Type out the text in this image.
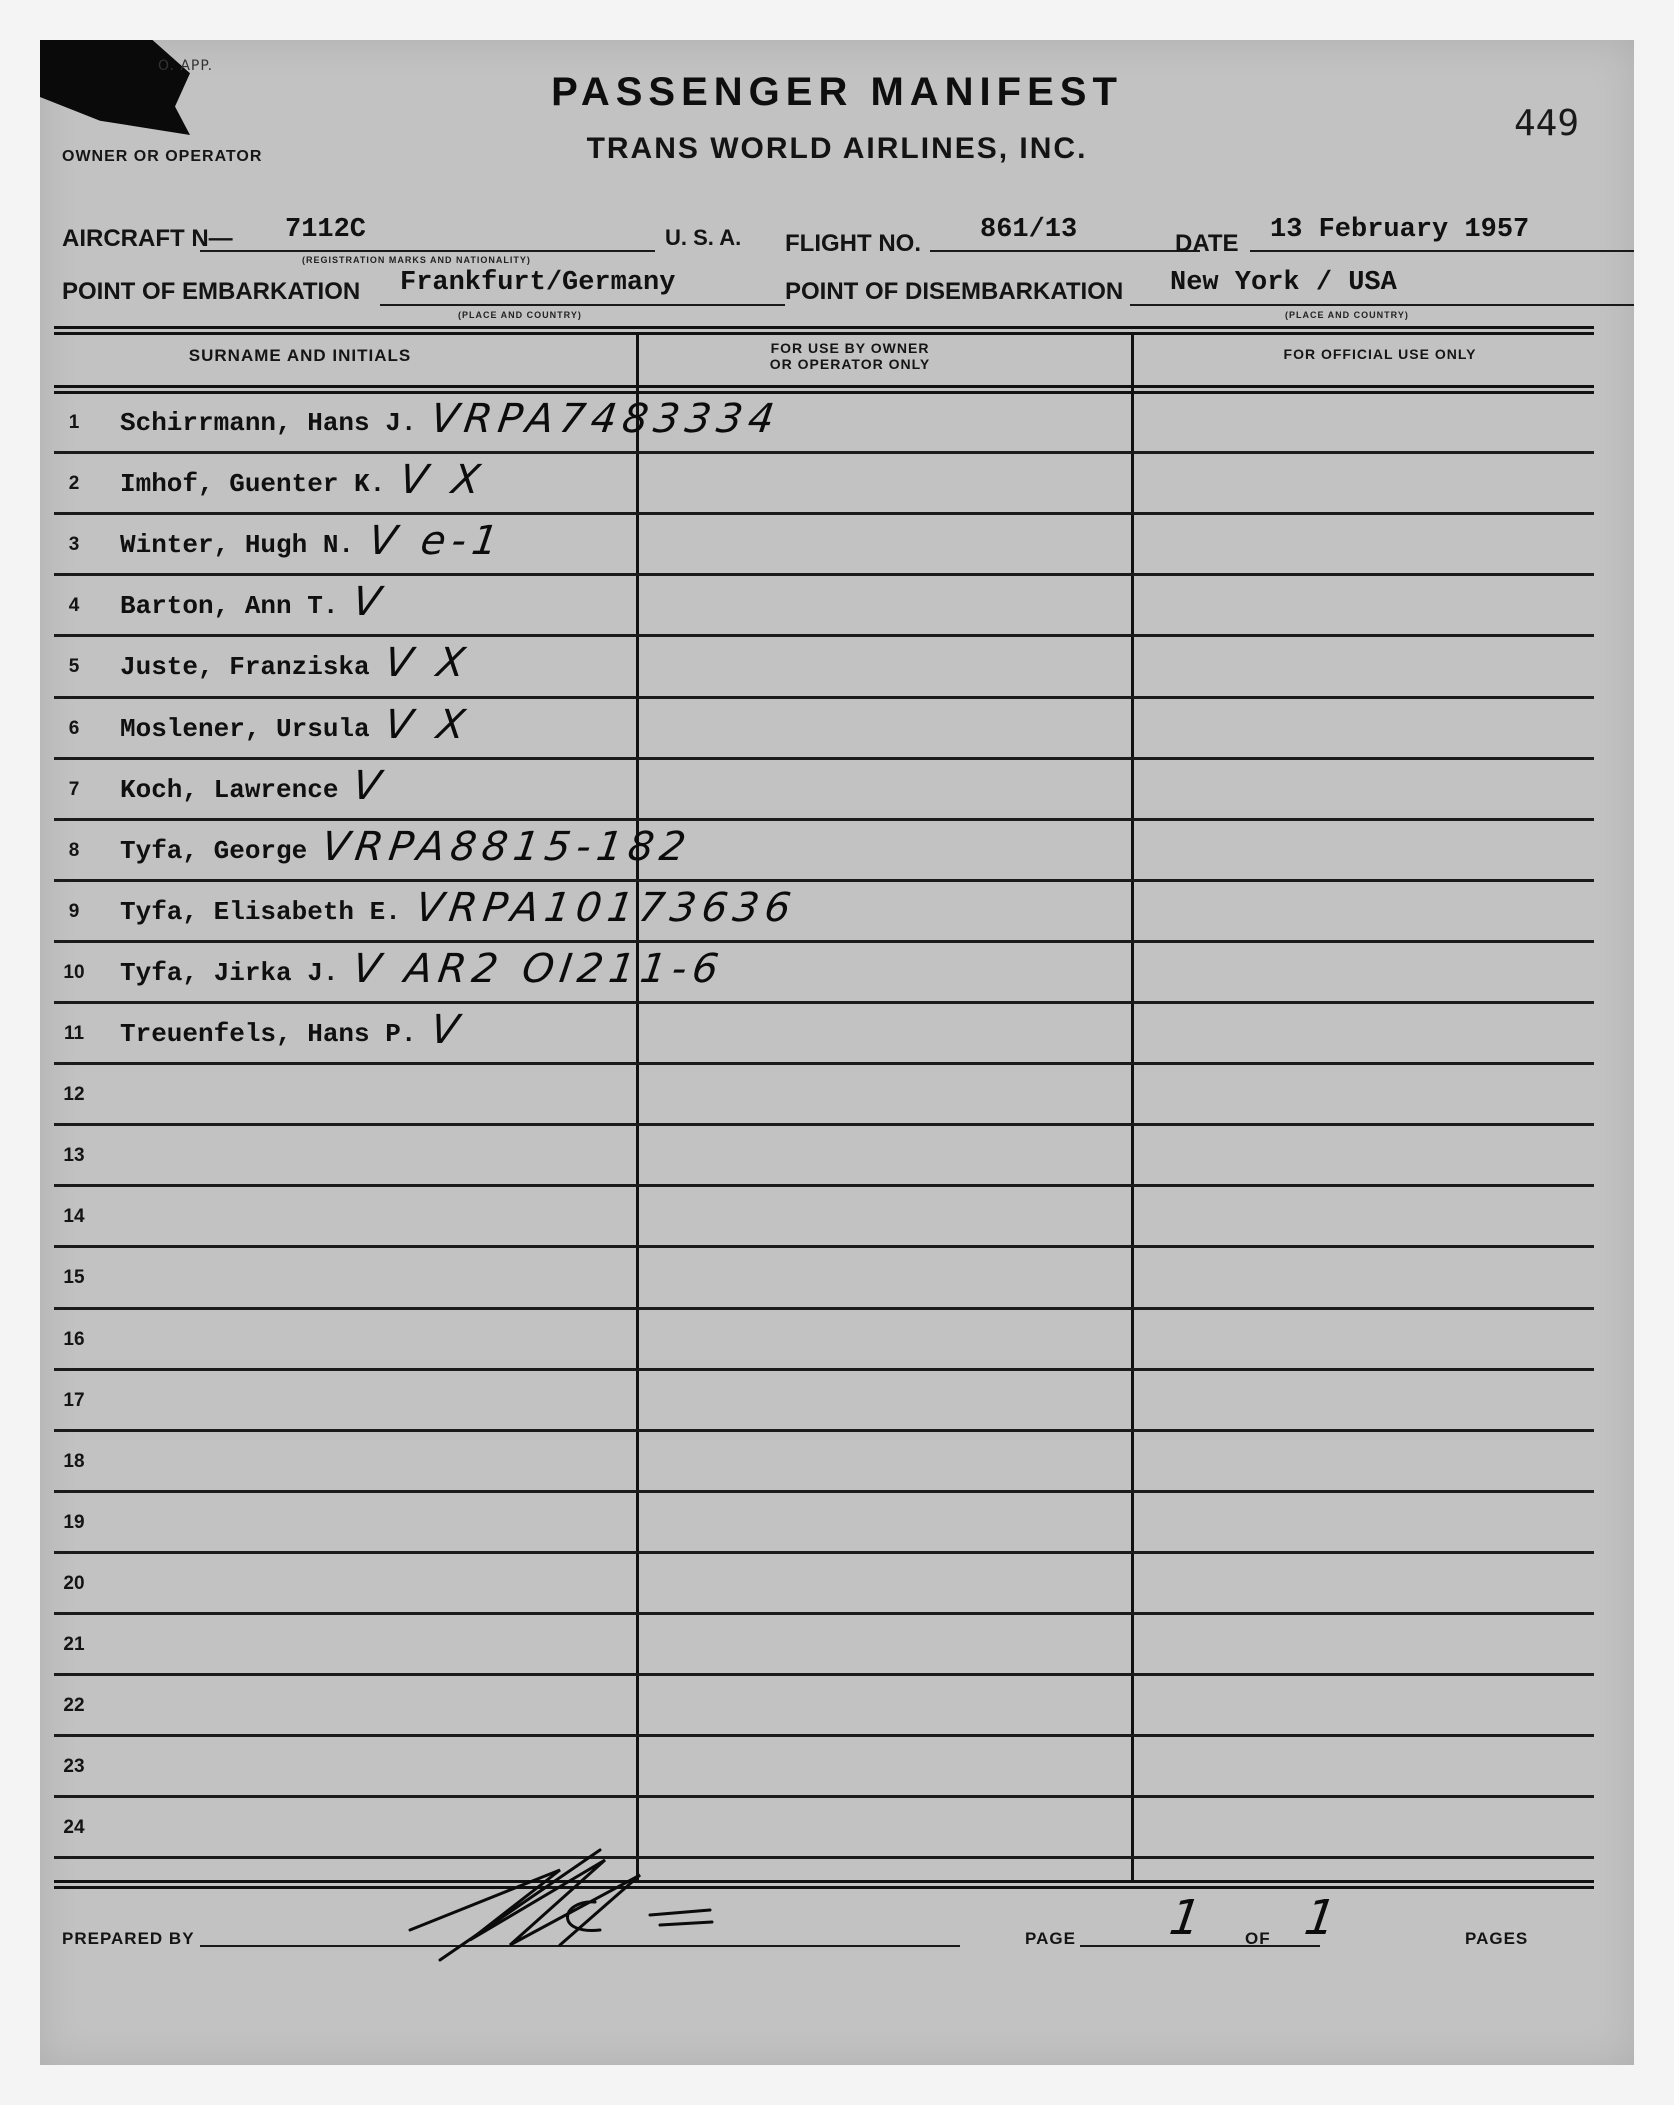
O. APP.
OWNER OR OPERATOR
PASSENGER MANIFEST
TRANS WORLD AIRLINES, INC.
449
AIRCRAFT N— 7112C
(REGISTRATION MARKS AND NATIONALITY)
U. S. A. FLIGHT NO. 861/13	DATE 13 February 1957
POINT OF EMBARKATION Frankfurt/Germany
(PLACE AND COUNTRY)
POINT OF DISEMBARKATION New York / USA
(PLACE AND COUNTRY)
SURNAME AND INITIALS	FOR USE BY OWNER
OR OPERATOR ONLY
FOR OFFICIAL USE ONLY
1	Schirrmann, Hans J. VRPA7483334
2	Imhof, Guenter K. V X
3	Winter, Hugh N. V e-1
4	Barton, Ann T. V
5	Juste, Franziska V X
6	Moslener, Ursula V X
7	Koch, Lawrence V
8	Tyfa, George VRPA8815-182
9	Tyfa, Elisabeth E. VRPA10173636
10	Tyfa, Jirka J. V AR2 OI211-6
11	Treuenfels, Hans P. V
12
13
14
15
16
17
18
19
20
21
22
23
24
PREPARED BY	PAGE 1 OF 1	PAGES
